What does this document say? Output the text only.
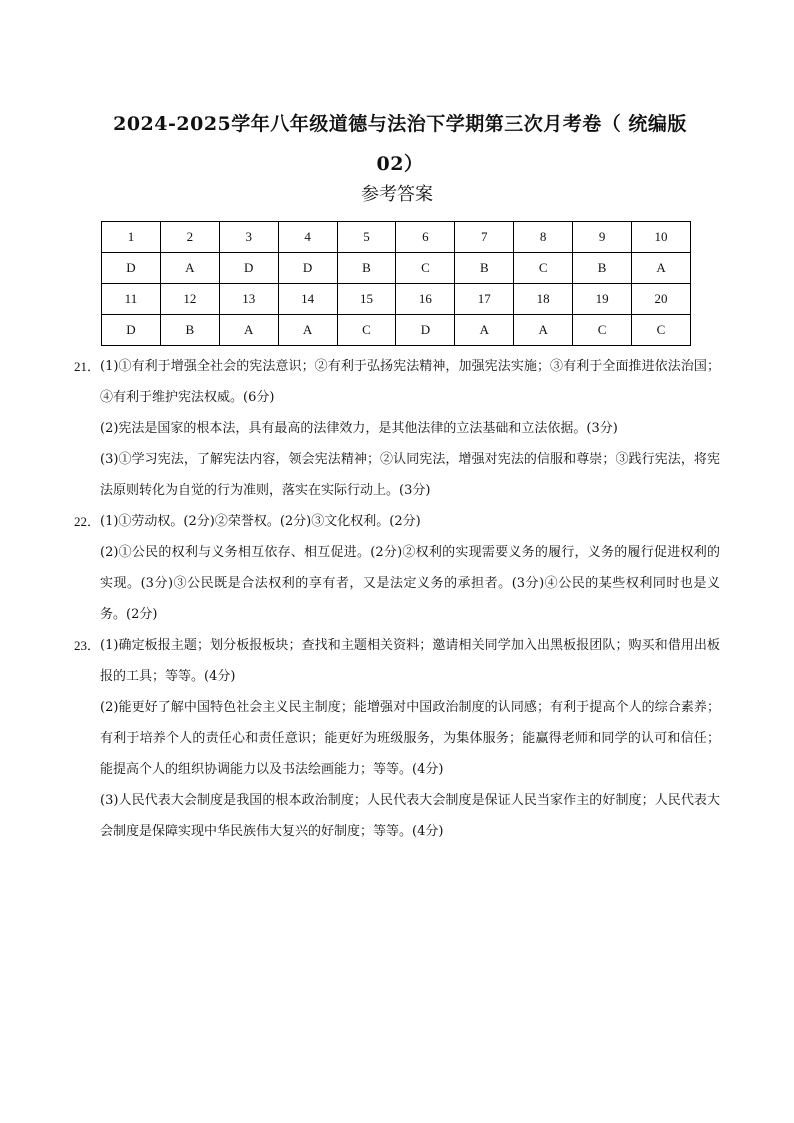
2024-2025学年八年级道德与法治下学期第三次月考卷（ 统编版02）
参考答案
1	2	3	4	5	6	7	8	9	10
D	A	D	D	B	C	B	C	B	A
11	12	13	14	15	16	17	18	19	20
D	B	A	A	C	D	A	A	C	C
21． (1)①有利于增强全社会的宪法意识；②有利于弘扬宪法精神，加强宪法实施；③有利于全面推进依法治国；④有利于维护宪法权威。(6分)

(2)宪法是国家的根本法，具有最高的法律效力，是其他法律的立法基础和立法依据。(3分)

(3)①学习宪法，了解宪法内容，领会宪法精神；②认同宪法，增强对宪法的信服和尊崇；③践行宪法，将宪法原则转化为自觉的行为准则，落实在实际行动上。(3分)

22． (1)①劳动权。(2分)②荣誉权。(2分)③文化权利。(2分)

(2)①公民的权利与义务相互依存、相互促进。(2分)②权利的实现需要义务的履行，义务的履行促进权利的实现。(3分)③公民既是合法权利的享有者，又是法定义务的承担者。(3分)④公民的某些权利同时也是义务。(2分)

23． (1)确定板报主题；划分板报板块；查找和主题相关资料；邀请相关同学加入出黑板报团队；购买和借用出板报的工具；等等。(4分)

(2)能更好了解中国特色社会主义民主制度；能增强对中国政治制度的认同感；有利于提高个人的综合素养；有利于培养个人的责任心和责任意识；能更好为班级服务，为集体服务；能赢得老师和同学的认可和信任；能提高个人的组织协调能力以及书法绘画能力；等等。(4分)

(3)人民代表大会制度是我国的根本政治制度；人民代表大会制度是保证人民当家作主的好制度；人民代表大会制度是保障实现中华民族伟大复兴的好制度；等等。(4分)
